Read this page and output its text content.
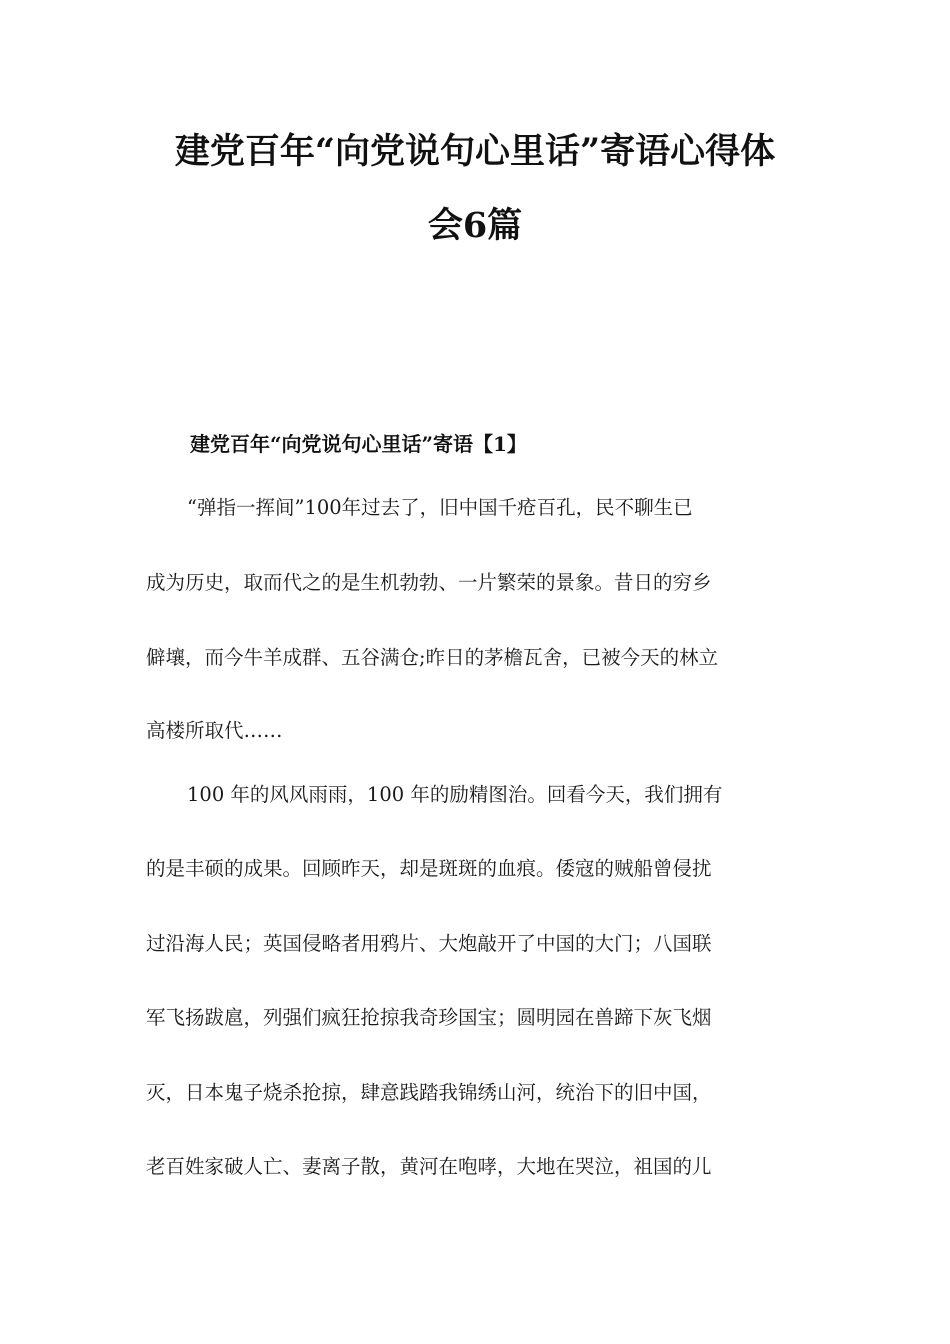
建党百年“向党说句心里话”寄语心得体
会6篇
建党百年“向党说句心里话”寄语【1】
“弹指一挥间”100年过去了，旧中国千疮百孔，民不聊生已
成为历史，取而代之的是生机勃勃、一片繁荣的景象。昔日的穷乡
僻壤，而今牛羊成群、五谷满仓;昨日的茅檐瓦舍，已被今天的林立
高楼所取代……
100 年的风风雨雨，100 年的励精图治。回看今天，我们拥有
的是丰硕的成果。回顾昨天，却是斑斑的血痕。倭寇的贼船曾侵扰
过沿海人民；英国侵略者用鸦片、大炮敲开了中国的大门；八国联
军飞扬跋扈，列强们疯狂抢掠我奇珍国宝；圆明园在兽蹄下灰飞烟
灭，日本鬼子烧杀抢掠，肆意践踏我锦绣山河，统治下的旧中国，
老百姓家破人亡、妻离子散，黄河在咆哮，大地在哭泣，祖国的儿
